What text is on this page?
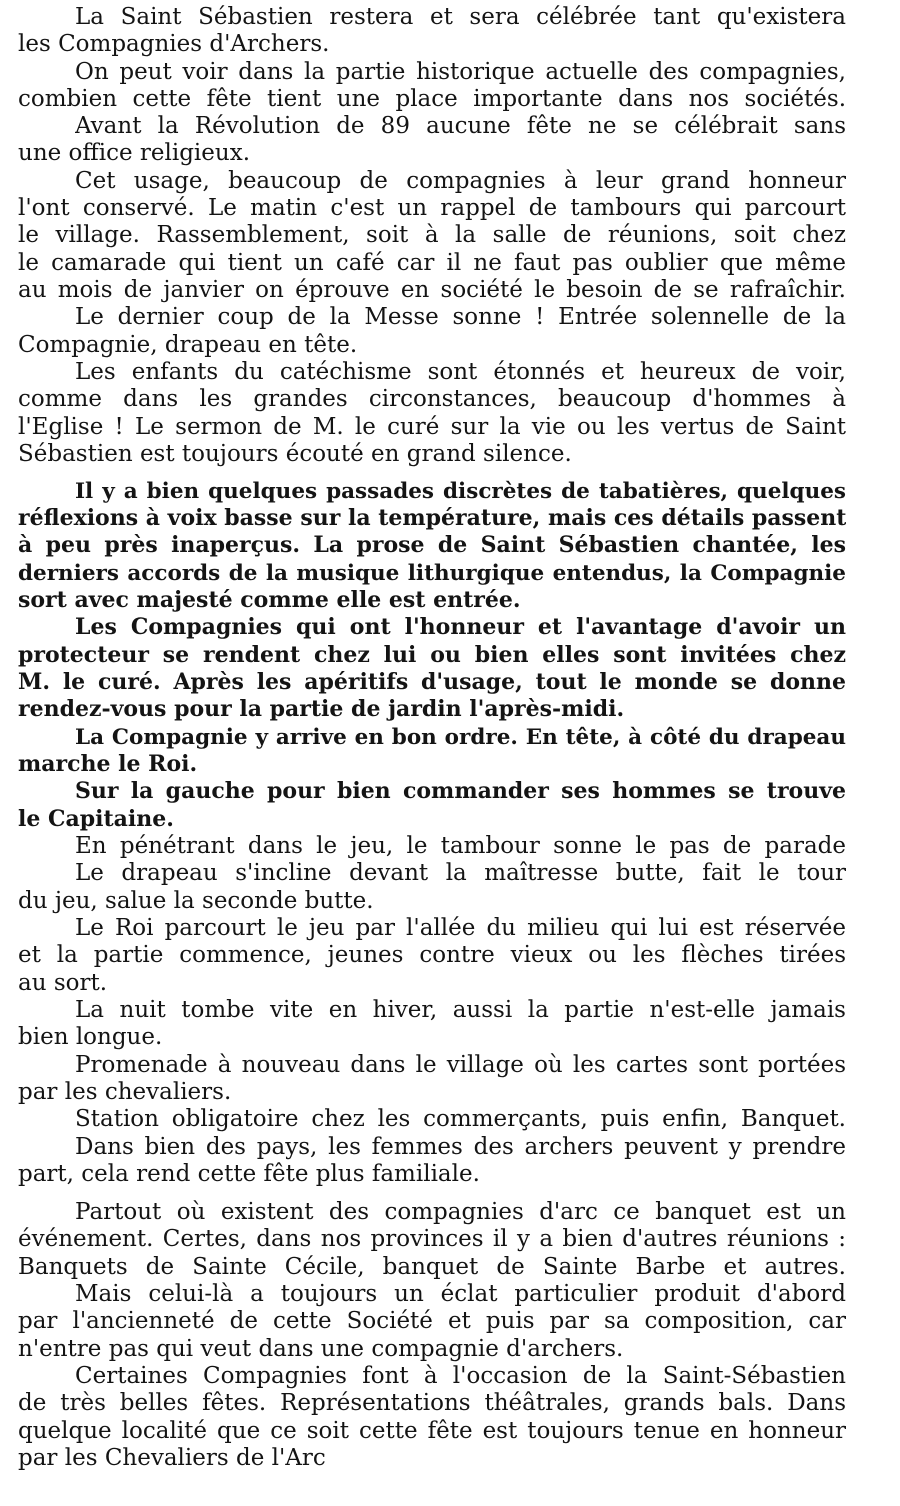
La Saint Sébastien restera et sera célébrée tant qu'existera

les Compagnies d'Archers.

On peut voir dans la partie historique actuelle des compagnies,

combien cette fête tient une place importante dans nos sociétés.

Avant la Révolution de 89 aucune fête ne se célébrait sans

une office religieux.

Cet usage, beaucoup de compagnies à leur grand honneur

l'ont conservé. Le matin c'est un rappel de tambours qui parcourt

le village. Rassemblement, soit à la salle de réunions, soit chez

le camarade qui tient un café car il ne faut pas oublier que même

au mois de janvier on éprouve en société le besoin de se rafraîchir.

Le dernier coup de la Messe sonne ! Entrée solennelle de la

Compagnie, drapeau en tête.

Les enfants du catéchisme sont étonnés et heureux de voir,

comme dans les grandes circonstances, beaucoup d'hommes à

l'Eglise ! Le sermon de M. le curé sur la vie ou les vertus de Saint

Sébastien est toujours écouté en grand silence.

Il y a bien quelques passades discrètes de tabatières, quelques

réflexions à voix basse sur la température, mais ces détails passent

à peu près inaperçus. La prose de Saint Sébastien chantée, les

derniers accords de la musique lithurgique entendus, la Compagnie

sort avec majesté comme elle est entrée.

Les Compagnies qui ont l'honneur et l'avantage d'avoir un

protecteur se rendent chez lui ou bien elles sont invitées chez

M. le curé. Après les apéritifs d'usage, tout le monde se donne

rendez-vous pour la partie de jardin l'après-midi.

La Compagnie y arrive en bon ordre. En tête, à côté du drapeau

marche le Roi.

Sur la gauche pour bien commander ses hommes se trouve

le Capitaine.

En pénétrant dans le jeu, le tambour sonne le pas de parade

Le drapeau s'incline devant la maîtresse butte, fait le tour

du jeu, salue la seconde butte.

Le Roi parcourt le jeu par l'allée du milieu qui lui est réservée

et la partie commence, jeunes contre vieux ou les flèches tirées

au sort.

La nuit tombe vite en hiver, aussi la partie n'est-elle jamais

bien longue.

Promenade à nouveau dans le village où les cartes sont portées

par les chevaliers.

Station obligatoire chez les commerçants, puis enfin, Banquet.

Dans bien des pays, les femmes des archers peuvent y prendre

part, cela rend cette fête plus familiale.

Partout où existent des compagnies d'arc ce banquet est un

événement. Certes, dans nos provinces il y a bien d'autres réunions :

Banquets de Sainte Cécile, banquet de Sainte Barbe et autres.

Mais celui-là a toujours un éclat particulier produit d'abord

par l'ancienneté de cette Société et puis par sa composition, car

n'entre pas qui veut dans une compagnie d'archers.

Certaines Compagnies font à l'occasion de la Saint-Sébastien

de très belles fêtes. Représentations théâtrales, grands bals. Dans

quelque localité que ce soit cette fête est toujours tenue en honneur

par les Chevaliers de l'Arc
